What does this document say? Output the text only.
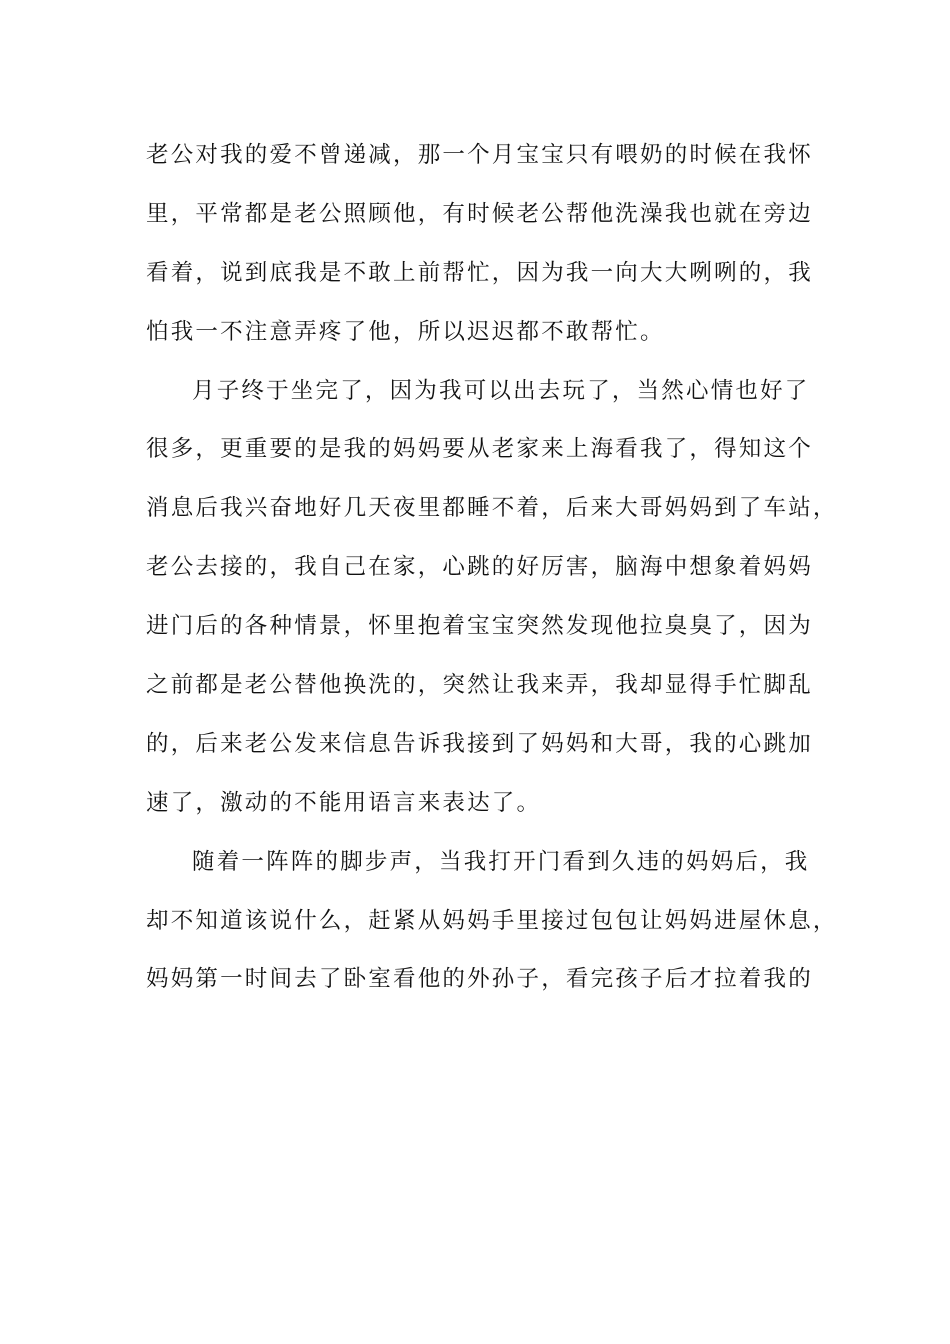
老公对我的爱不曾递减，那一个月宝宝只有喂奶的时候在我怀
里，平常都是老公照顾他，有时候老公帮他洗澡我也就在旁边
看着，说到底我是不敢上前帮忙，因为我一向大大咧咧的，我
怕我一不注意弄疼了他，所以迟迟都不敢帮忙。
月子终于坐完了，因为我可以出去玩了，当然心情也好了
很多，更重要的是我的妈妈要从老家来上海看我了，得知这个
消息后我兴奋地好几天夜里都睡不着，后来大哥妈妈到了车站，
老公去接的，我自己在家，心跳的好厉害，脑海中想象着妈妈
进门后的各种情景，怀里抱着宝宝突然发现他拉臭臭了，因为
之前都是老公替他换洗的，突然让我来弄，我却显得手忙脚乱
的，后来老公发来信息告诉我接到了妈妈和大哥，我的心跳加
速了，激动的不能用语言来表达了。
随着一阵阵的脚步声，当我打开门看到久违的妈妈后，我
却不知道该说什么，赶紧从妈妈手里接过包包让妈妈进屋休息，
妈妈第一时间去了卧室看他的外孙子，看完孩子后才拉着我的
